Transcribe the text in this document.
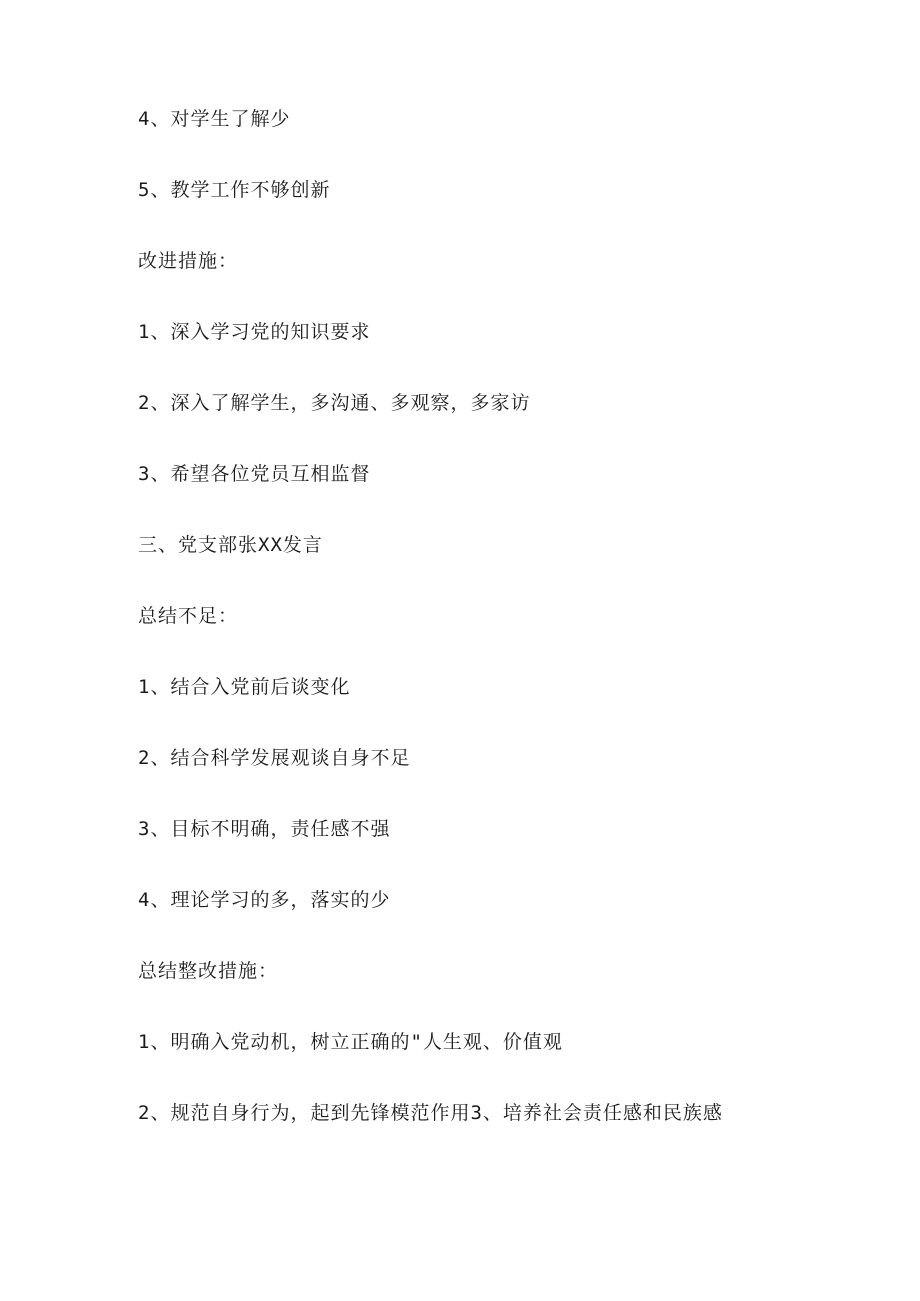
4、对学生了解少

5、教学工作不够创新

改进措施：

1、深入学习党的知识要求

2、深入了解学生，多沟通、多观察，多家访

3、希望各位党员互相监督

三、党支部张XX发言

总结不足：

1、结合入党前后谈变化

2、结合科学发展观谈自身不足

3、目标不明确，责任感不强

4、理论学习的多，落实的少

总结整改措施：

1、明确入党动机，树立正确的"人生观、价值观

2、规范自身行为，起到先锋模范作用3、培养社会责任感和民族感
